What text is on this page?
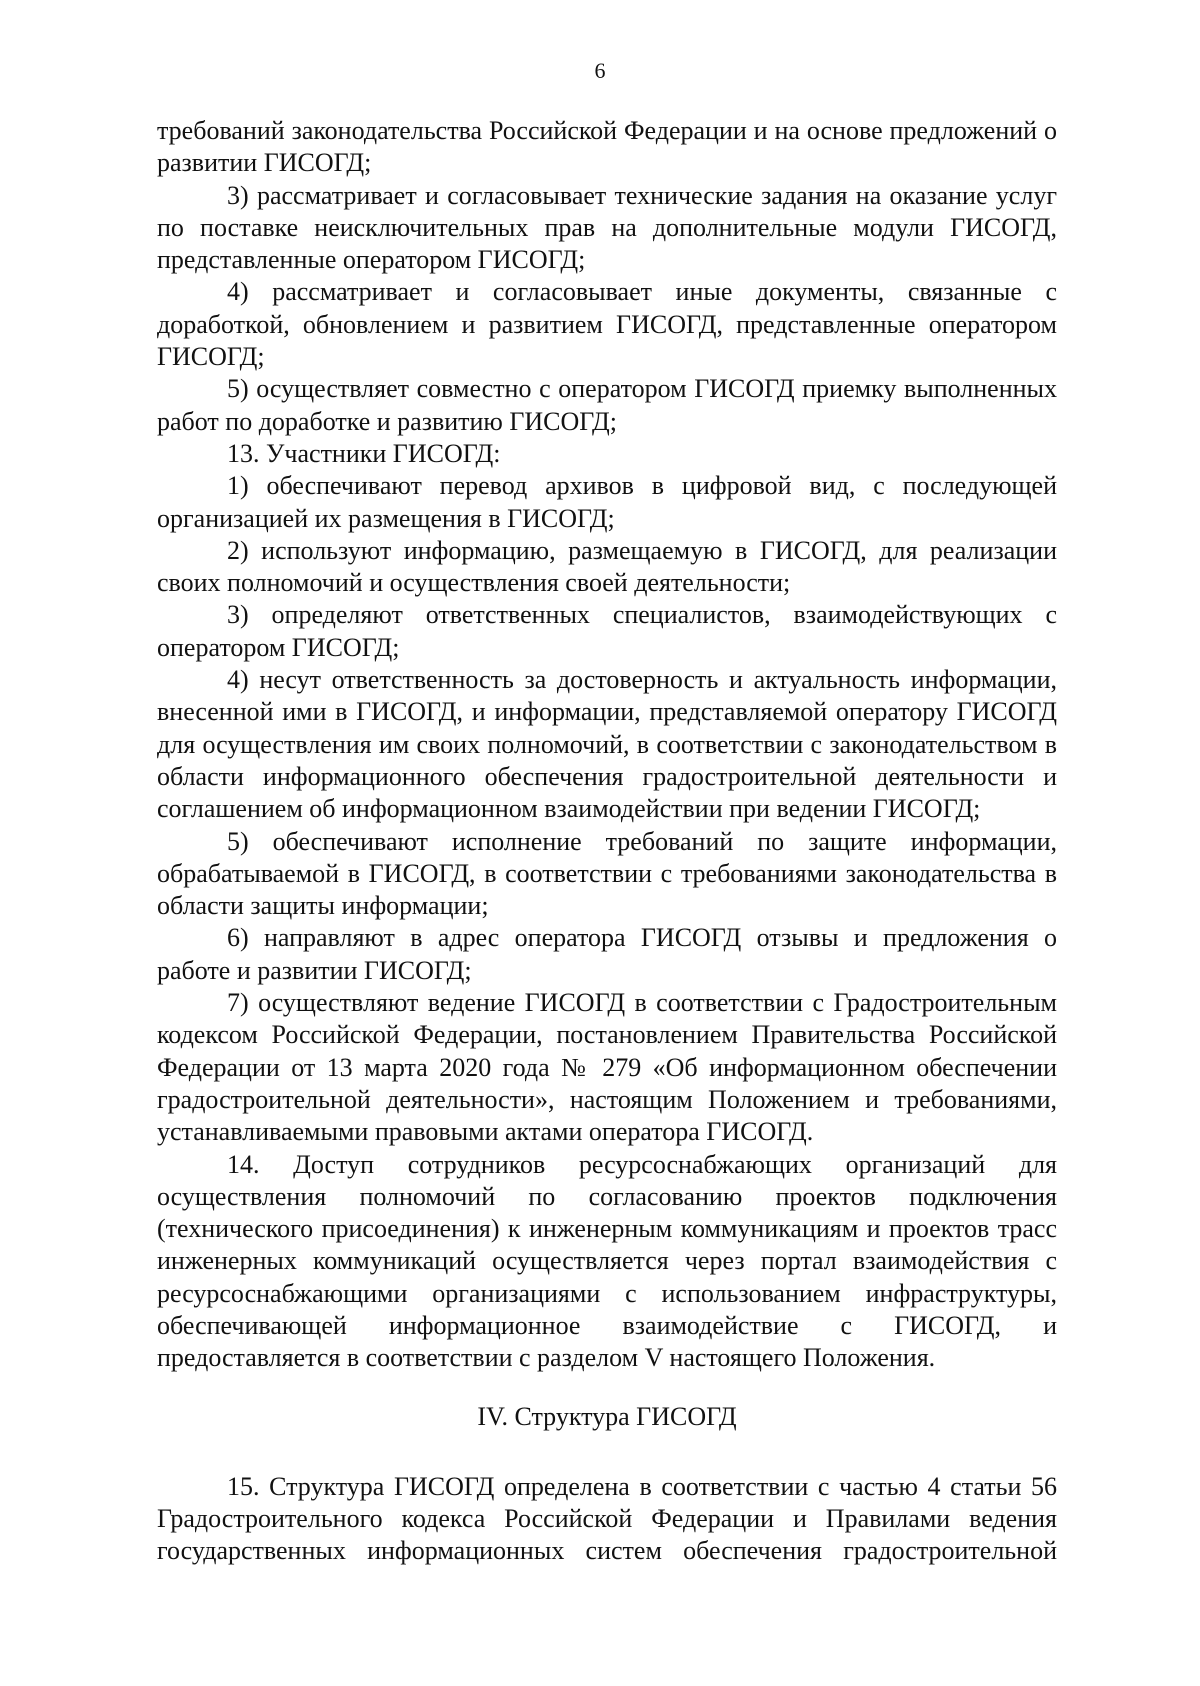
6

требований законодательства Российской Федерации и на основе предложений о развитии ГИСОГД;

3) рассматривает и согласовывает технические задания на оказание услуг по поставке неисключительных прав на дополнительные модули ГИСОГД, представленные оператором ГИСОГД;

4) рассматривает и согласовывает иные документы, связанные с доработкой, обновлением и развитием ГИСОГД, представленные оператором ГИСОГД;

5) осуществляет совместно с оператором ГИСОГД приемку выполненных работ по доработке и развитию ГИСОГД;

13. Участники ГИСОГД:

1) обеспечивают перевод архивов в цифровой вид, с последующей организацией их размещения в ГИСОГД;

2) используют информацию, размещаемую в ГИСОГД, для реализации своих полномочий и осуществления своей деятельности;

3) определяют ответственных специалистов, взаимодействующих с оператором ГИСОГД;

4) несут ответственность за достоверность и актуальность информации, внесенной ими в ГИСОГД, и информации, представляемой оператору ГИСОГД для осуществления им своих полномочий, в соответствии с законодательством в области информационного обеспечения градостроительной деятельности и соглашением об информационном взаимодействии при ведении ГИСОГД;

5) обеспечивают исполнение требований по защите информации, обрабатываемой в ГИСОГД, в соответствии с требованиями законодательства в области защиты информации;

6) направляют в адрес оператора ГИСОГД отзывы и предложения о работе и развитии ГИСОГД;

7) осуществляют ведение ГИСОГД в соответствии с Градостроительным кодексом Российской Федерации, постановлением Правительства Российской Федерации от 13 марта 2020 года № 279 «Об информационном обеспечении градостроительной деятельности», настоящим Положением и требованиями, устанавливаемыми правовыми актами оператора ГИСОГД.

14. Доступ сотрудников ресурсоснабжающих организаций для осуществления полномочий по согласованию проектов подключения (технического присоединения) к инженерным коммуникациям и проектов трасс инженерных коммуникаций осуществляется через портал взаимодействия с ресурсоснабжающими организациями с использованием инфраструктуры, обеспечивающей информационное взаимодействие с ГИСОГД, и предоставляется в соответствии с разделом V настоящего Положения.

IV. Структура ГИСОГД

15. Структура ГИСОГД определена в соответствии с частью 4 статьи 56 Градостроительного кодекса Российской Федерации и Правилами ведения государственных информационных систем обеспечения градостроительной
